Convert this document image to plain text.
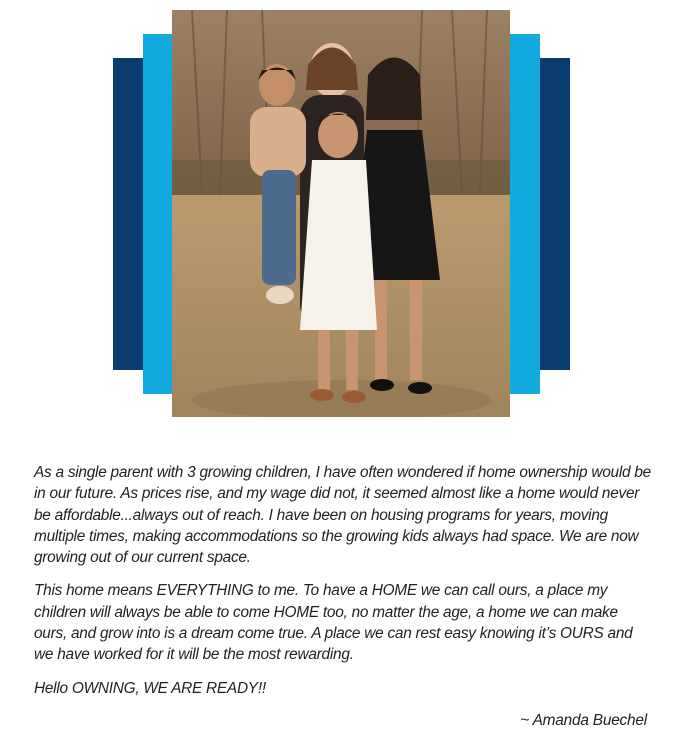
As a single parent with 3 growing children, I have often wondered if home ownership would be in our future. As prices rise, and my wage did not, it seemed almost like a home would never be affordable...always out of reach. I have been on housing programs for years, moving multiple times, making accommodations so the growing kids always had space. We are now growing out of our current space.

This home means EVERYTHING to me. To have a HOME we can call ours, a place my children will always be able to come HOME too, no matter the age, a home we can make ours, and grow into is a dream come true. A place we can rest easy knowing it’s OURS and we have worked for it will be the most rewarding.

Hello OWNING, WE ARE READY!!

~ Amanda Buechel
